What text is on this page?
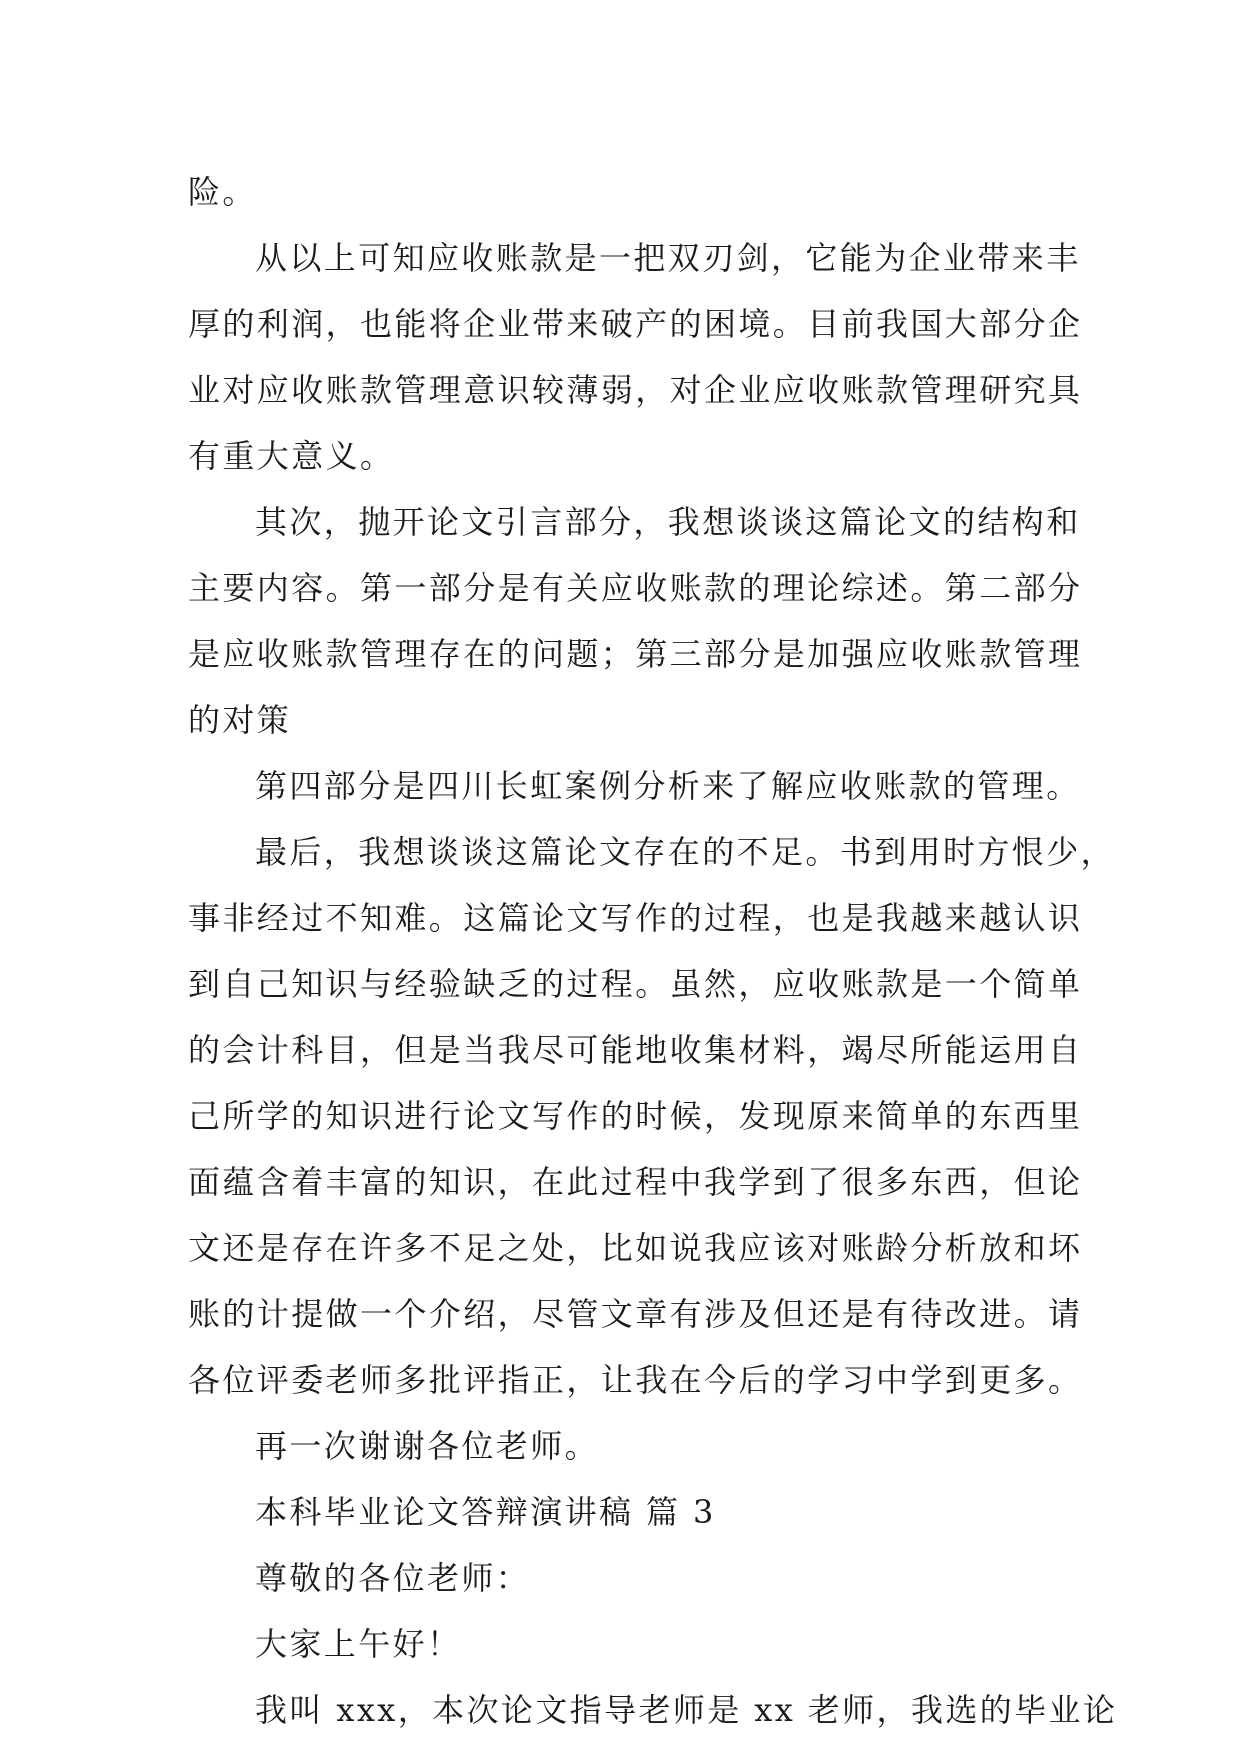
险。
从以上可知应收账款是一把双刃剑，它能为企业带来丰
厚的利润，也能将企业带来破产的困境。目前我国大部分企
业对应收账款管理意识较薄弱，对企业应收账款管理研究具
有重大意义。
其次，抛开论文引言部分，我想谈谈这篇论文的结构和
主要内容。第一部分是有关应收账款的理论综述。第二部分
是应收账款管理存在的问题；第三部分是加强应收账款管理
的对策
第四部分是四川长虹案例分析来了解应收账款的管理。
最后，我想谈谈这篇论文存在的不足。书到用时方恨少，
事非经过不知难。这篇论文写作的过程，也是我越来越认识
到自己知识与经验缺乏的过程。虽然，应收账款是一个简单
的会计科目，但是当我尽可能地收集材料，竭尽所能运用自
己所学的知识进行论文写作的时候，发现原来简单的东西里
面蕴含着丰富的知识，在此过程中我学到了很多东西，但论
文还是存在许多不足之处，比如说我应该对账龄分析放和坏
账的计提做一个介绍，尽管文章有涉及但还是有待改进。请
各位评委老师多批评指正，让我在今后的学习中学到更多。
再一次谢谢各位老师。
本科毕业论文答辩演讲稿 篇 3
尊敬的各位老师：
大家上午好！
我叫 xxx，本次论文指导老师是 xx 老师，我选的毕业论
